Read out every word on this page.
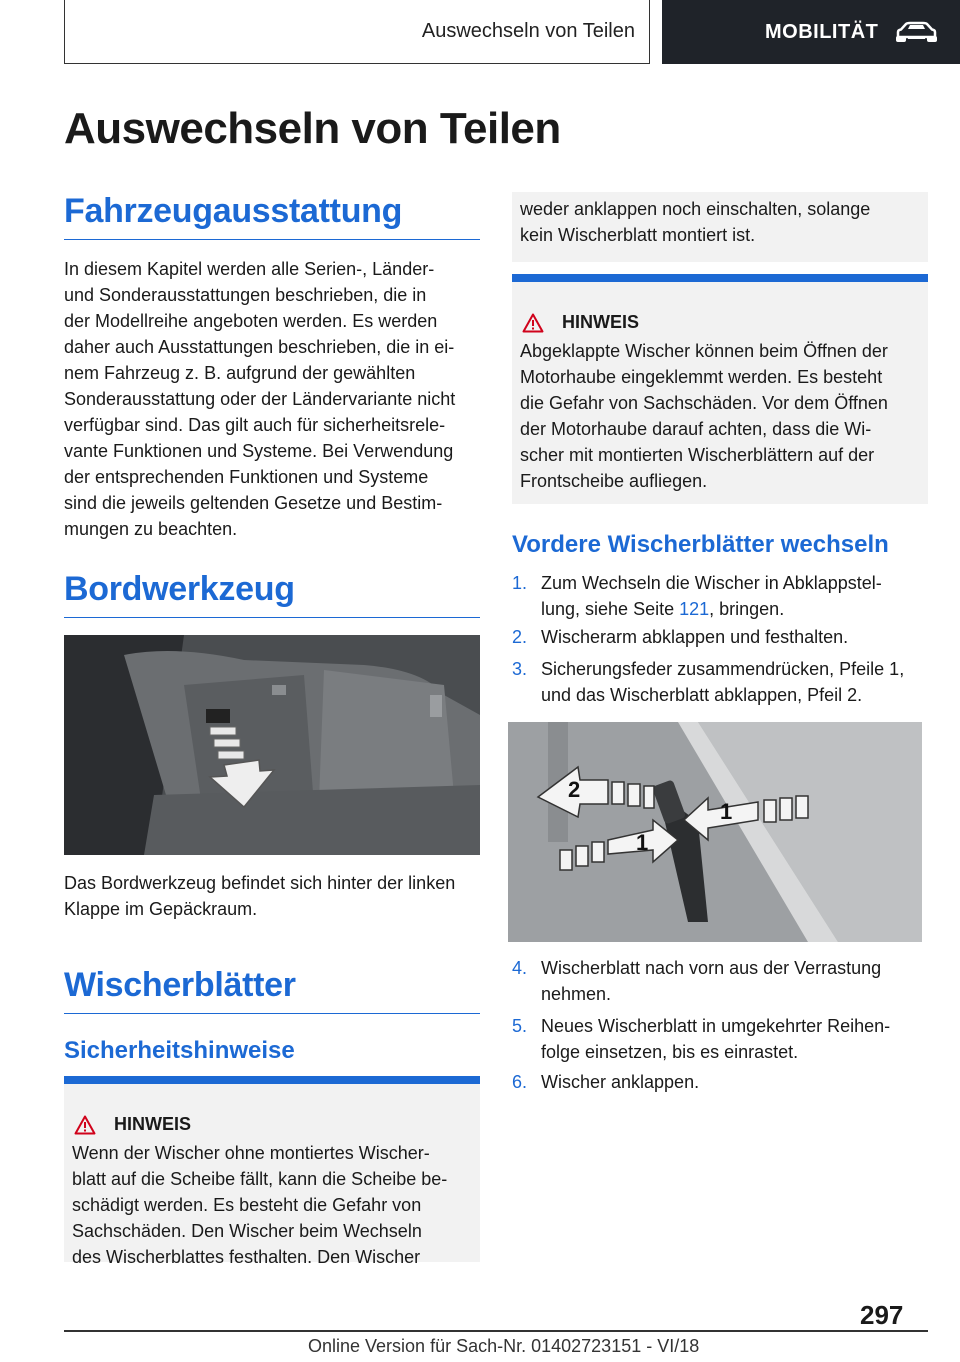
Auswechseln von Teilen	MOBILITÄT
Auswechseln von Teilen
Fahrzeugausstattung
In diesem Kapitel werden alle Serien-, Länder-
und Sonderausstattungen beschrieben, die in
der Modellreihe angeboten werden. Es werden
daher auch Ausstattungen beschrieben, die in ei-
nem Fahrzeug z. B. aufgrund der gewählten
Sonderausstattung oder der Ländervariante nicht
verfügbar sind. Das gilt auch für sicherheitsrele-
vante Funktionen und Systeme. Bei Verwendung
der entsprechenden Funktionen und Systeme
sind die jeweils geltenden Gesetze und Bestim-
mungen zu beachten.
Bordwerkzeug
Das Bordwerkzeug befindet sich hinter der linken
Klappe im Gepäckraum.
Wischerblätter
Sicherheitshinweise
HINWEIS
Wenn der Wischer ohne montiertes Wischer-
blatt auf die Scheibe fällt, kann die Scheibe be-
schädigt werden. Es besteht die Gefahr von
Sachschäden. Den Wischer beim Wechseln
des Wischerblattes festhalten. Den Wischer
weder anklappen noch einschalten, solange
kein Wischerblatt montiert ist.
HINWEIS
Abgeklappte Wischer können beim Öffnen der
Motorhaube eingeklemmt werden. Es besteht
die Gefahr von Sachschäden. Vor dem Öffnen
der Motorhaube darauf achten, dass die Wi-
scher mit montierten Wischerblättern auf der
Frontscheibe aufliegen.
Vordere Wischerblätter wechseln
1. Zum Wechseln die Wischer in Abklappstel-
lung, siehe Seite 121, bringen.
2. Wischerarm abklappen und festhalten.
3. Sicherungsfeder zusammendrücken, Pfeile 1,
und das Wischerblatt abklappen, Pfeil 2.
2
1
1
4. Wischerblatt nach vorn aus der Verrastung
nehmen.
5. Neues Wischerblatt in umgekehrter Reihen-
folge einsetzen, bis es einrastet.
6. Wischer anklappen.
297
Online Version für Sach-Nr. 01402723151 - VI/18
